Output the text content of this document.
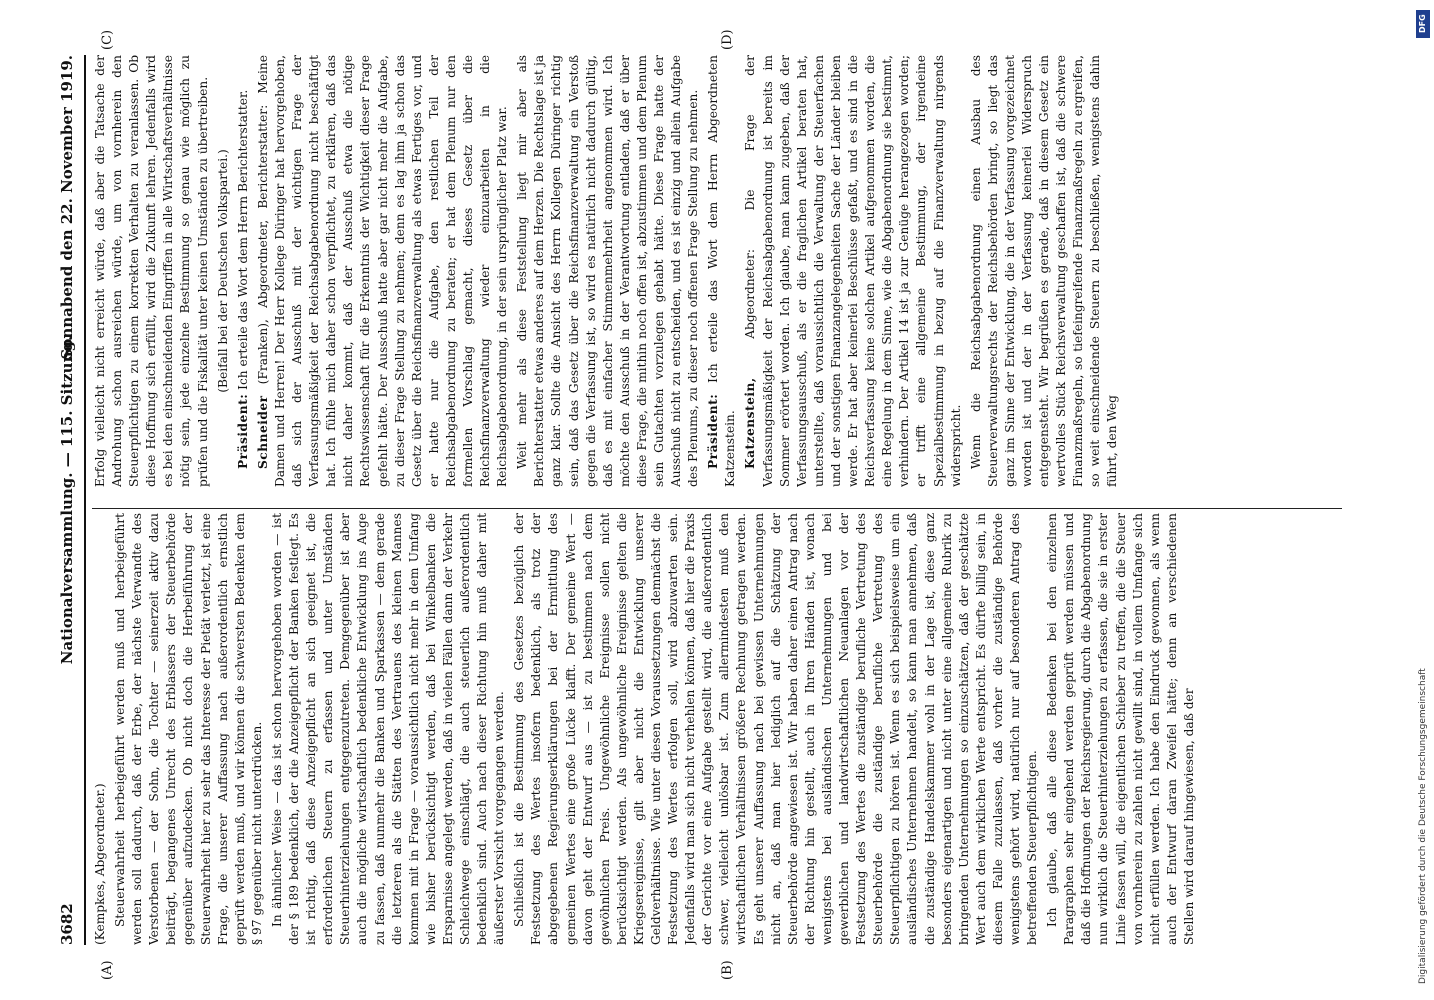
3682
Nationalversammlung. — 115. Sitzung.
Sonnabend den 22. November 1919.
(A)	(B)
(C)	(D)

(Kempkes, Abgeordneter.) Steuerwahrheit herbeigeführt werden muß und herbeigeführt werden soll dadurch, daß der Erbe, der nächste Verwandte des Verstorbenen — der Sohn, die Tochter — seinerzeit aktiv dazu beiträgt, begangenes Unrecht des Erblassers der Steuerbehörde gegenüber aufzudecken. Ob nicht doch die Herbeiführung der Steuerwahrheit hier zu sehr das Interesse der Pietät verletzt, ist eine Frage, die unserer Auffassung nach außerordentlich ernstlich geprüft werden muß, und wir können die schwersten Bedenken dem § 97 gegenüber nicht unterdrücken. In ähnlicher Weise — das ist schon hervorgehoben worden — ist der § 189 bedenklich, der die Anzeigepflicht der Banken festlegt. Es ist richtig, daß diese Anzeigepflicht an sich geeignet ist, die erforderlichen Steuern zu erfassen und unter Umständen Steuerhinterziehungen entgegenzutreten. Demgegenüber ist aber auch die mögliche wirtschaftlich bedenkliche Entwicklung ins Auge zu fassen, daß nunmehr die Banken und Sparkassen — dem gerade die letzteren als die Stätten des Vertrauens des kleinen Mannes kommen mit in Frage — voraussichtlich nicht mehr in dem Umfang wie bisher berücksichtigt werden, daß bei Winkelbanken die Ersparnisse angelegt werden, daß in vielen Fällen dann der Verkehr Schleichwege einschlägt, die auch steuerlich außerordentlich bedenklich sind. Auch nach dieser Richtung hin muß daher mit äußerster Vorsicht vorgegangen werden. Schließlich ist die Bestimmung des Gesetzes bezüglich der Festsetzung des Wertes insofern bedenklich, als trotz der abgegebenen Regierungserklärungen bei der Ermittlung des gemeinen Wertes eine große Lücke klafft. Der gemeine Wert — davon geht der Entwurf aus — ist zu bestimmen nach dem gewöhnlichen Preis. Ungewöhnliche Ereignisse sollen nicht berücksichtigt werden. Als ungewöhnliche Ereignisse gelten die Kriegsereignisse, gilt aber nicht die Entwicklung unserer Geldverhältnisse. Wie unter diesen Voraussetzungen demnächst die Festsetzung des Wertes erfolgen soll, wird abzuwarten sein. Jedenfalls wird man sich nicht verhehlen können, daß hier die Praxis der Gerichte vor eine Aufgabe gestellt wird, die außerordentlich schwer, vielleicht unlösbar ist. Zum allermindesten muß den wirtschaftlichen Verhältnissen größere Rechnung getragen werden. Es geht unserer Auffassung nach bei gewissen Unternehmungen nicht an, daß man hier lediglich auf die Schätzung der Steuerbehörde angewiesen ist. Wir haben daher einen Antrag nach der Richtung hin gestellt, auch in Ihren Händen ist, wonach wenigstens bei ausländischen Unternehmungen und bei gewerblichen und landwirtschaftlichen Neuanlagen vor der Festsetzung des Wertes die zuständige berufliche Vertretung des Steuerbehörde die zuständige berufliche Vertretung des Steuerpflichtigen zu hören ist. Wenn es sich beispielsweise um ein ausländisches Unternehmen handelt, so kann man annehmen, daß die zuständige Handelskammer wohl in der Lage ist, diese ganz besonders eigenartigen und nicht unter eine allgemeine Rubrik zu bringenden Unternehmungen so einzuschätzen, daß der geschätzte Wert auch dem wirklichen Werte entspricht. Es dürfte billig sein, in diesem Falle zuzulassen, daß vorher die zuständige Behörde wenigstens gehört wird, natürlich nur auf besonderen Antrag des betreffenden Steuerpflichtigen. Ich glaube, daß alle diese Bedenken bei den einzelnen Paragraphen sehr eingehend werden geprüft werden müssen und daß die Hoffnungen der Reichsregierung, durch die Abgabenordnung nun wirklich die Steuerhinterziehungen zu erfassen, die sie in erster Linie fassen will, die eigentlichen Schieber zu treffen, die die Steuer von vornherein zu zahlen nicht gewillt sind, in vollem Umfange sich nicht erfüllen werden. Ich habe den Eindruck gewonnen, als wenn auch der Entwurf daran Zweifel hätte; denn an verschiedenen Stellen wird darauf hingewiesen, daß der

Erfolg vielleicht nicht erreicht würde, daß aber die Tatsache der Androhung schon ausreichen würde, um von vornherein den Steuerpflichtigen zu einem korrekten Verhalten zu veranlassen. Ob diese Hoffnung sich erfüllt, wird die Zukunft lehren. Jedenfalls wird es bei den einschneidenden Eingriffen in alle Wirtschaftsverhältnisse nötig sein, jede einzelne Bestimmung so genau wie möglich zu prüfen und die Fiskalität unter keinen Umständen zu übertreiben. (Beifall bei der Deutschen Volkspartei.)

Präsident: Ich erteile das Wort dem Herrn Berichterstatter.

Schneider (Franken), Abgeordneter, Berichterstatter: Meine Damen und Herren! Der Herr Kollege Düringer hat hervorgehoben, daß sich der Ausschuß mit der wichtigen Frage der Verfassungsmäßigkeit der Reichsabgabenordnung nicht beschäftigt hat. Ich fühle mich daher schon verpflichtet, zu erklären, daß das nicht daher kommt, daß der Ausschuß etwa die nötige Rechtswissenschaft für die Erkenntnis der Wichtigkeit dieser Frage gefehlt hätte. Der Ausschuß hatte aber gar nicht mehr die Aufgabe, zu dieser Frage Stellung zu nehmen; denn es lag ihm ja schon das Gesetz über die Reichsfinanzverwaltung als etwas Fertiges vor, und er hatte nur die Aufgabe, den restlichen Teil der Reichsabgabenordnung zu beraten; er hat dem Plenum nur den formellen Vorschlag gemacht, dieses Gesetz über die Reichsfinanzverwaltung wieder einzuarbeiten in die Reichsabgabenordnung, in der sein ursprünglicher Platz war. Weit mehr als diese Feststellung liegt mir aber als Berichterstatter etwas anderes auf dem Herzen. Die Rechtslage ist ja ganz klar. Sollte die Ansicht des Herrn Kollegen Düringer richtig sein, daß das Gesetz über die Reichsfinanzverwaltung ein Verstoß gegen die Verfassung ist, so wird es natürlich nicht dadurch gültig, daß es mit einfacher Stimmenmehrheit angenommen wird. Ich möchte den Ausschuß in der Verantwortung entladen, daß er über diese Frage, die mithin noch offen ist, abzustimmen und dem Plenum sein Gutachten vorzulegen gehabt hätte. Diese Frage hatte der Ausschuß nicht zu entscheiden, und es ist einzig und allein Aufgabe des Plenums, zu dieser noch offenen Frage Stellung zu nehmen. Präsident: Ich erteile das Wort dem Herrn Abgeordneten Katzenstein. Katzenstein, Abgeordneter: Die Frage der Verfassungsmäßigkeit der Reichsabgabenordnung ist bereits im Sommer erörtert worden. Ich glaube, man kann zugeben, daß der Verfassungsausschuß, als er die fraglichen Artikel beraten hat, unterstellte, daß voraussichtlich die Verwaltung der Steuerfachen und der sonstigen Finanzangelegenheiten Sache der Länder bleiben werde. Er hat aber keinerlei Beschlüsse gefaßt, und es sind in die Reichsverfassung keine solchen Artikel aufgenommen worden, die eine Regelung in dem Sinne, wie die Abgabenordnung sie bestimmt, verhindern. Der Artikel 14 ist ja zur Genüge herangezogen worden; er trifft eine allgemeine Bestimmung, der irgendeine Spezialbestimmung in bezug auf die Finanzverwaltung nirgends widerspricht. Wenn die Reichsabgabenordnung einen Ausbau des Steuerverwaltungsrechts der Reichsbehörden bringt, so liegt das ganz im Sinne der Entwicklung, die in der Verfassung vorgezeichnet worden ist und der in der Verfassung keinerlei Widerspruch entgegensteht. Wir begrüßen es gerade, daß in diesem Gesetz ein wertvolles Stück Reichsverwaltung geschaffen ist, daß die schwere Finanzmaßregeln, so tiefeingreifende Finanzmaßregeln zu ergreifen, so weit einschneidende Steuern zu beschließen, wenigstens dahin führt, den Weg

DFG
Digitalisierung gefördert durch die Deutsche Forschungsgemeinschaft
